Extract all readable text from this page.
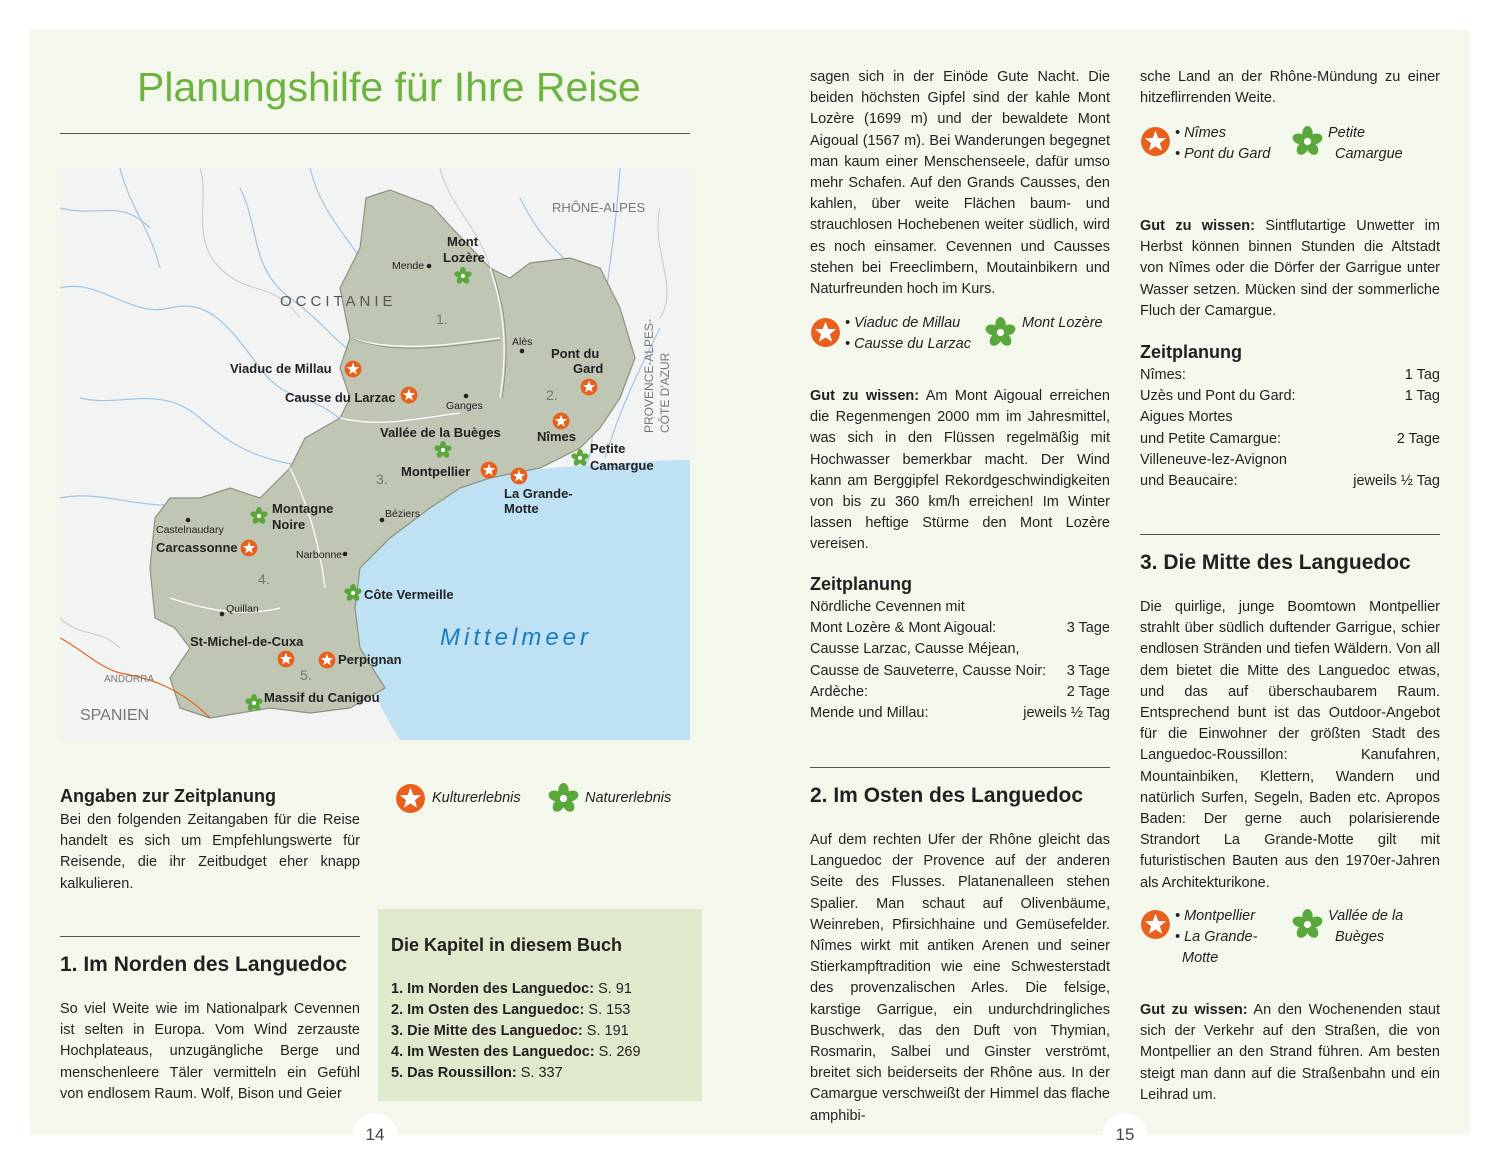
Planungshilfe für Ihre Reise
OCCITANIE
RHÔNE-ALPES
PROVENCE-ALPES- CÔTE D'AZUR
ANDORRA
SPANIEN
Mittelmeer
1.
2.
3.
4.
5.
Mende
Alès
Ganges
Béziers
Narbonne
Castelnaudary
Quillan
Mont
Lozère
Viaduc de Millau
Causse du Larzac
Pont du
Gard
Nîmes
Petite
Camargue
Vallée de la Buèges
Montpellier
La Grande-
Motte
Montagne
Noire
Carcassonne
Côte Vermeille
St-Michel-de-Cuxa
Perpignan
Massif du Canigou
Angaben zur Zeitplanung
Bei den folgenden Zeitangaben für die Reise handelt es sich um Empfehlungswerte für Reisende, die ihr Zeitbudget eher knapp kalkulieren.
Kulturerlebnis	Naturerlebnis
1. Im Norden des Languedoc
So viel Weite wie im Nationalpark Cevennen ist selten in Europa. Vom Wind zerzauste Hochplateaus, unzugängliche Berge und menschenleere Täler vermitteln ein Gefühl von endlosem Raum. Wolf, Bison und Geier
Die Kapitel in diesem Buch
1. Im Norden des Languedoc: S. 91
2. Im Osten des Languedoc: S. 153
3. Die Mitte des Languedoc: S. 191
4. Im Westen des Languedoc: S. 269
5. Das Roussillon: S. 337
14
sagen sich in der Einöde Gute Nacht. Die beiden höchsten Gipfel sind der kahle Mont Lozère (1699 m) und der bewaldete Mont Aigoual (1567 m). Bei Wanderungen begegnet man kaum einer Menschenseele, dafür umso mehr Schafen. Auf den Grands Causses, den kahlen, über weite Flächen baum- und strauchlosen Hochebenen weiter südlich, wird es noch einsamer. Cevennen und Causses stehen bei Freeclimbern, Moutainbikern und Naturfreunden hoch im Kurs.
• Viaduc de Millau
• Causse du Larzac
Mont Lozère
Gut zu wissen: Am Mont Aigoual erreichen die Regenmengen 2000 mm im Jahresmittel, was sich in den Flüssen regelmäßig mit Hochwasser bemerkbar macht. Der Wind kann am Berggipfel Rekordgeschwindigkeiten von bis zu 360 km/h erreichen! Im Winter lassen heftige Stürme den Mont Lozère vereisen.
Zeitplanung
Nördliche Cevennen mit
Mont Lozère & Mont Aigoual:	3 Tage
Causse Larzac, Causse Méjean,
Causse de Sauveterre, Causse Noir: 3 Tage
Ardèche:	2 Tage
Mende und Millau:	jeweils ½ Tag
2. Im Osten des Languedoc
Auf dem rechten Ufer der Rhône gleicht das Languedoc der Provence auf der anderen Seite des Flusses. Platanenalleen stehen Spalier. Man schaut auf Olivenbäume, Weinreben, Pfirsichhaine und Gemüsefelder. Nîmes wirkt mit antiken Arenen und seiner Stierkampftradition wie eine Schwesterstadt des provenzalischen Arles. Die felsige, karstige Garrigue, ein undurchdringliches Buschwerk, das den Duft von Thymian, Rosmarin, Salbei und Ginster verströmt, breitet sich beiderseits der Rhône aus. In der Camargue verschweißt der Himmel das flache amphibi-
sche Land an der Rhône-Mündung zu einer hitzeflirrenden Weite.
• Nîmes
• Pont du Gard
Petite
Camargue
Gut zu wissen: Sintflutartige Unwetter im Herbst können binnen Stunden die Altstadt von Nîmes oder die Dörfer der Garrigue unter Wasser setzen. Mücken sind der sommerliche Fluch der Camargue.
Zeitplanung
Nîmes:	1 Tag
Uzès und Pont du Gard:	1 Tag
Aigues Mortes
und Petite Camargue:	2 Tage
Villeneuve-lez-Avignon
und Beaucaire:	jeweils ½ Tag
3. Die Mitte des Languedoc
Die quirlige, junge Boomtown Montpellier strahlt über südlich duftender Garrigue, schier endlosen Stränden und tiefen Wäldern. Von all dem bietet die Mitte des Languedoc etwas, und das auf überschaubarem Raum. Entsprechend bunt ist das Outdoor-Angebot für die Einwohner der größten Stadt des Languedoc-Roussillon: Kanufahren, Mountainbiken, Klettern, Wandern und natürlich Surfen, Segeln, Baden etc. Apropos Baden: Der gerne auch polarisierende Strandort La Grande-Motte gilt mit futuristischen Bauten aus den 1970er-Jahren als Architekturikone.
• Montpellier
• La Grande-
Motte
Vallée de la
Buèges
Gut zu wissen: An den Wochenenden staut sich der Verkehr auf den Straßen, die von Montpellier an den Strand führen. Am besten steigt man dann auf die Straßenbahn und ein Leihrad um.
15
